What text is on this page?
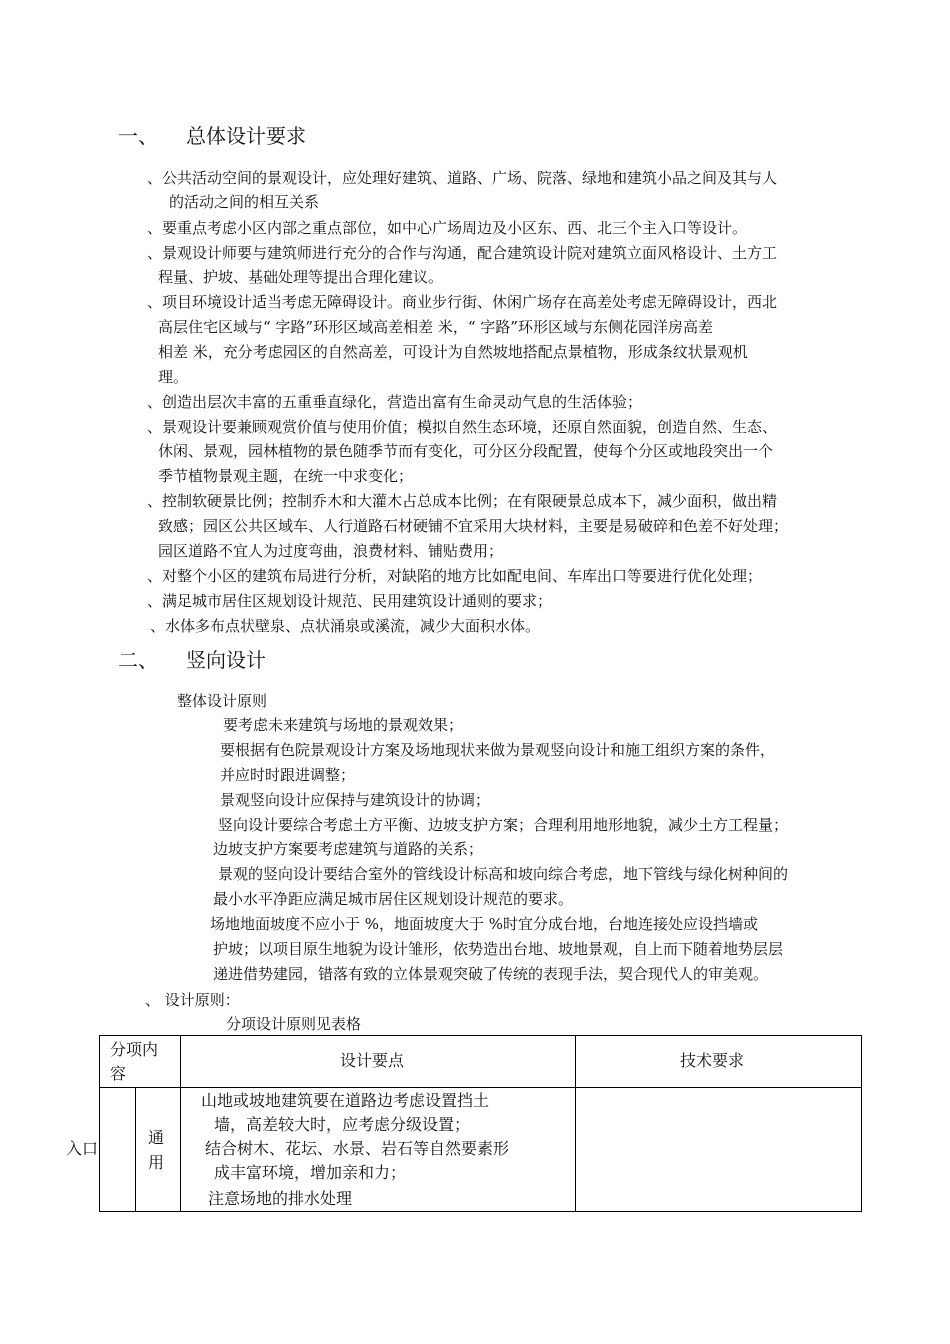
一、 总体设计要求
、公共活动空间的景观设计，应处理好建筑、道路、广场、院落、绿地和建筑小品之间及其与人
的活动之间的相互关系
、要重点考虑小区内部之重点部位，如中心广场周边及小区东、西、北三个主入口等设计。
、景观设计师要与建筑师进行充分的合作与沟通，配合建筑设计院对建筑立面风格设计、土方工
程量、护坡、基础处理等提出合理化建议。
、项目环境设计适当考虑无障碍设计。商业步行街、休闲广场存在高差处考虑无障碍设计，西北
高层住宅区域与“ 字路”环形区域高差相差 米，“ 字路”环形区域与东侧花园洋房高差
相差 米，充分考虑园区的自然高差，可设计为自然坡地搭配点景植物，形成条纹状景观机
理。
、创造出层次丰富的五重垂直绿化，营造出富有生命灵动气息的生活体验；
、景观设计要兼顾观赏价值与使用价值；模拟自然生态环境，还原自然面貌，创造自然、生态、
休闲、景观，园林植物的景色随季节而有变化，可分区分段配置，使每个分区或地段突出一个
季节植物景观主题，在统一中求变化；
、控制软硬景比例；控制乔木和大灌木占总成本比例；在有限硬景总成本下，减少面积，做出精
致感；园区公共区域车、人行道路石材硬铺不宜采用大块材料，主要是易破碎和色差不好处理；
园区道路不宜人为过度弯曲，浪费材料、铺贴费用；
、对整个小区的建筑布局进行分析，对缺陷的地方比如配电间、车库出口等要进行优化处理；
、满足城市居住区规划设计规范、民用建筑设计通则的要求；
、水体多布点状壁泉、点状涌泉或溪流，减少大面积水体。
二、 竖向设计
整体设计原则
要考虑未来建筑与场地的景观效果；
要根据有色院景观设计方案及场地现状来做为景观竖向设计和施工组织方案的条件，
并应时时跟进调整；
景观竖向设计应保持与建筑设计的协调；
竖向设计要综合考虑土方平衡、边坡支护方案；合理利用地形地貌，减少土方工程量；
边坡支护方案要考虑建筑与道路的关系；
景观的竖向设计要结合室外的管线设计标高和坡向综合考虑，地下管线与绿化树种间的
最小水平净距应满足城市居住区规划设计规范的要求。
场地地面坡度不应小于 %，地面坡度大于 %时宜分成台地，台地连接处应设挡墙或
护坡；以项目原生地貌为设计雏形，依势造出台地、坡地景观，自上而下随着地势层层
递进借势建园，错落有致的立体景观突破了传统的表现手法，契合现代人的审美观。
、 设计原则：
分项设计原则见表格
分项内
容
设计要点	技术要求
通
用
山地或坡地建筑要在道路边考虑设置挡土
墙，高差较大时，应考虑分级设置；
结合树木、花坛、水景、岩石等自然要素形
成丰富环境，增加亲和力；
注意场地的排水处理
入口
